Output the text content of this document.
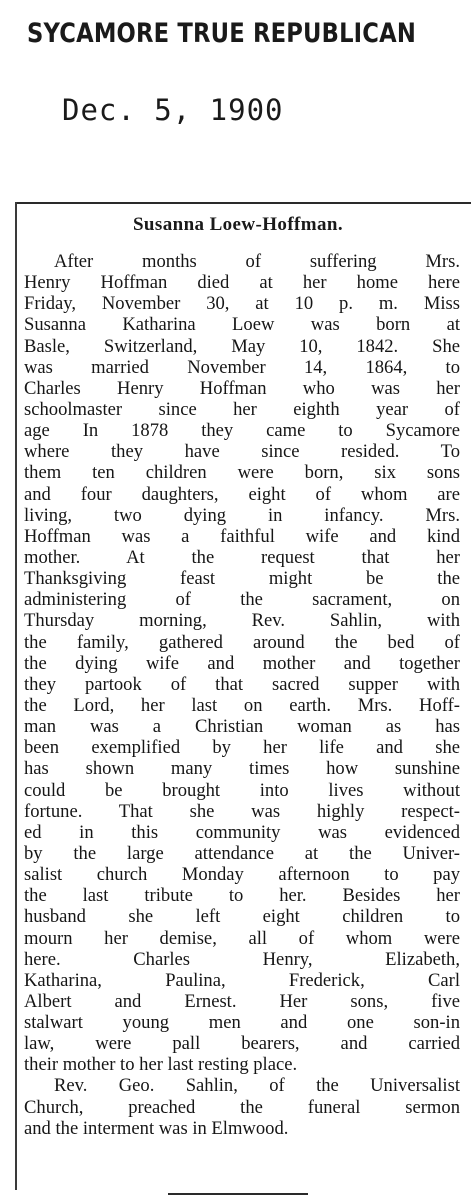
SYCAMORE TRUE REPUBLICAN
Dec. 5, 1900
Susanna Loew-Hoffman.
After months of suffering Mrs.
Henry Hoffman died at her home here
Friday, November 30, at 10 p. m. Miss
Susanna Katharina Loew was born at
Basle, Switzerland, May 10, 1842. She
was married November 14, 1864, to
Charles Henry Hoffman who was her
schoolmaster since her eighth year of
age In 1878 they came to Sycamore
where they have since resided. To
them ten children were born, six sons
and four daughters, eight of whom are
living, two dying in infancy. Mrs.
Hoffman was a faithful wife and kind
mother. At the request that her
Thanksgiving feast might be the
administering of the sacrament, on
Thursday morning, Rev. Sahlin, with
the family, gathered around the bed of
the dying wife and mother and together
they partook of that sacred supper with
the Lord, her last on earth. Mrs. Hoff-
man was a Christian woman as has
been exemplified by her life and she
has shown many times how sunshine
could be brought into lives without
fortune. That she was highly respect-
ed in this community was evidenced
by the large attendance at the Univer-
salist church Monday afternoon to pay
the last tribute to her. Besides her
husband she left eight children to
mourn her demise, all of whom were
here. Charles Henry, Elizabeth,
Katharina, Paulina, Frederick, Carl
Albert and Ernest. Her sons, five
stalwart young men and one son-in
law, were pall bearers, and carried
their mother to her last resting place.
Rev. Geo. Sahlin, of the Universalist
Church, preached the funeral sermon
and the interment was in Elmwood.
